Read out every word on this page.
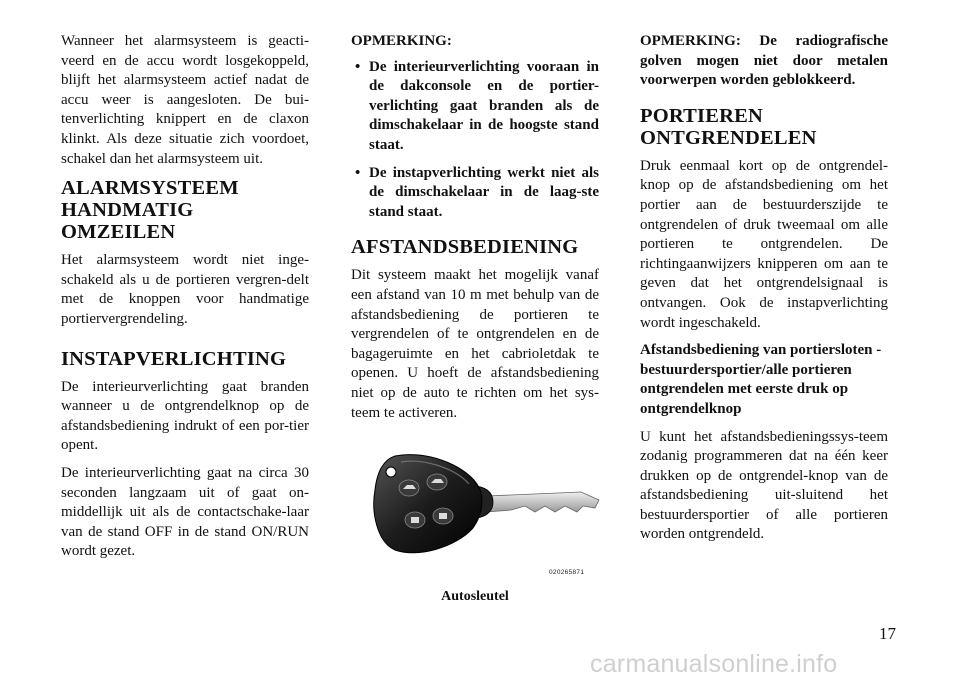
Wanneer het alarmsysteem is geacti-veerd en de accu wordt losgekoppeld, blijft het alarmsysteem actief nadat de accu weer is aangesloten. De bui-tenverlichting knippert en de claxon klinkt. Als deze situatie zich voordoet, schakel dan het alarmsysteem uit.

ALARMSYSTEEM
HANDMATIG OMZEILEN

Het alarmsysteem wordt niet inge-schakeld als u de portieren vergren-delt met de knoppen voor handmatige portiervergrendeling.

INSTAPVERLICHTING

De interieurverlichting gaat branden wanneer u de ontgrendelknop op de afstandsbediening indrukt of een por-tier opent.

De interieurverlichting gaat na circa 30 seconden langzaam uit of gaat on-middellijk uit als de contactschake-laar van de stand OFF in de stand ON/RUN wordt gezet.

OPMERKING:
• De interieurverlichting vooraan in de dakconsole en de portier-verlichting gaat branden als de dimschakelaar in de hoogste stand staat.
• De instapverlichting werkt niet als de dimschakelaar in de laag-ste stand staat.
AFSTANDSBEDIENING

Dit systeem maakt het mogelijk vanaf een afstand van 10 m met behulp van de afstandsbediening de portieren te vergrendelen of te ontgrendelen en de bagageruimte en het cabrioletdak te openen. U hoeft de afstandsbediening niet op de auto te richten om het sys-teem te activeren.

020265871
Autosleutel

OPMERKING: De radiografische golven mogen niet door metalen voorwerpen worden geblokkeerd.

PORTIEREN
ONTGRENDELEN

Druk eenmaal kort op de ontgrendel-knop op de afstandsbediening om het portier aan de bestuurderszijde te ontgrendelen of druk tweemaal om alle portieren te ontgrendelen. De richtingaanwijzers knipperen om aan te geven dat het ontgrendelsignaal is ontvangen. Ook de instapverlichting wordt ingeschakeld.

Afstandsbediening van portiersloten - bestuurdersportier/alle portieren ontgrendelen met eerste druk op ontgrendelknop

U kunt het afstandsbedieningssys-teem zodanig programmeren dat na één keer drukken op de ontgrendel-knop van de afstandsbediening uit-sluitend het bestuurdersportier of alle portieren worden ontgrendeld.

17
carmanualsonline.info
